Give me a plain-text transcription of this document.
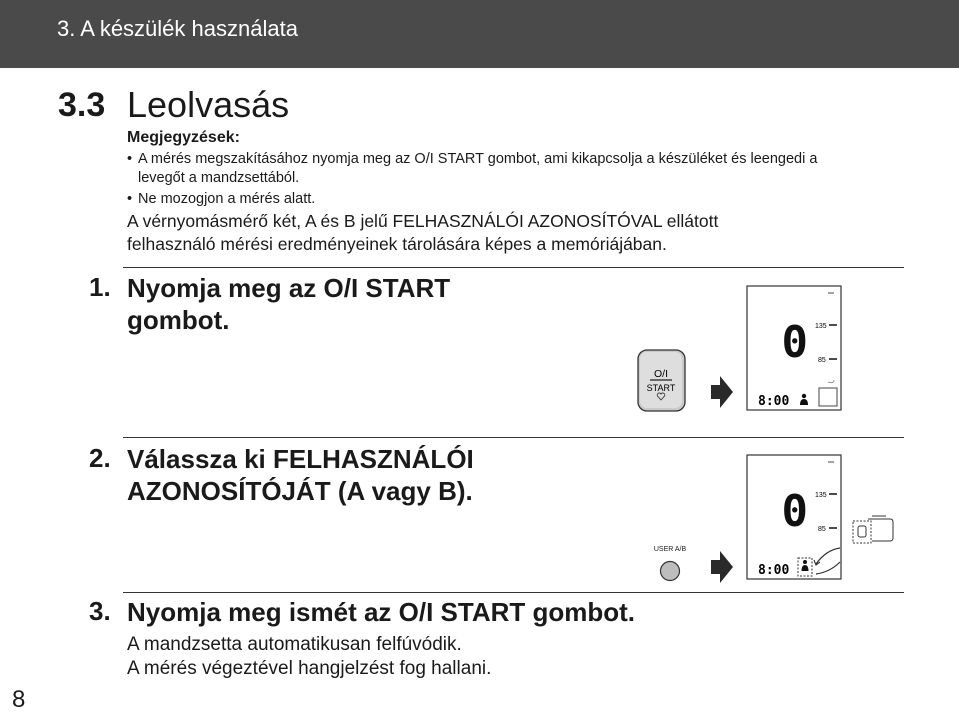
3. A készülék használata
3.3 Leolvasás
Megjegyzések:
• A mérés megszakításához nyomja meg az O/I START gombot, ami kikapcsolja a készüléket és leengedi a
levegőt a mandzsettából.
• Ne mozogjon a mérés alatt.
A vérnyomásmérő két, A és B jelű FELHASZNÁLÓI AZONOSÍTÓVAL ellátott
felhasználó mérési eredményeinek tárolására képes a memóriájában.
1. Nyomja meg az O/I START
gombot.
2. Válassza ki FELHASZNÁLÓI
AZONOSÍTÓJÁT (A vagy B).
3. Nyomja meg ismét az O/I START gombot.
A mandzsetta automatikusan felfúvódik.
A mérés végeztével hangjelzést fog hallani.
8
O/I
START
0 135
85
8:00
0 135
85
8:00
USER A/B
